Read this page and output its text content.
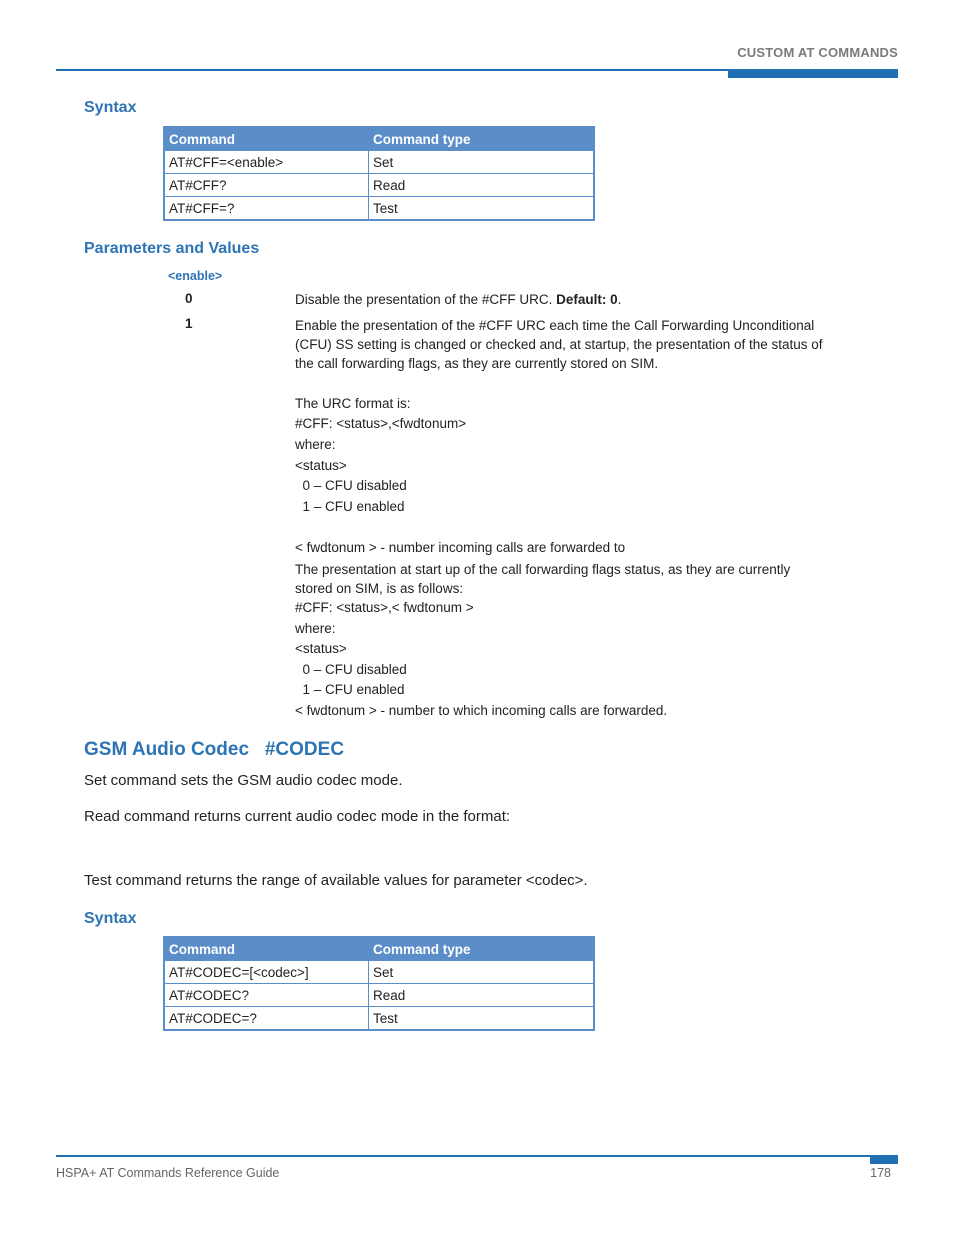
CUSTOM AT COMMANDS
Syntax
Command	Command type
AT#CFF=<enable>	Set
AT#CFF?	Read
AT#CFF=?	Test
Parameters and Values
<enable>
0	Disable the presentation of the #CFF URC. Default: 0.
1	Enable the presentation of the #CFF URC each time the Call Forwarding Unconditional (CFU) SS setting is changed or checked and, at startup, the presentation of the status of the call forwarding flags, as they are currently stored on SIM.
The URC format is:
#CFF: <status>,<fwdtonum>
where:
<status>
0 – CFU disabled
1 – CFU enabled
< fwdtonum > - number incoming calls are forwarded to
The presentation at start up of the call forwarding flags status, as they are currently stored on SIM, is as follows:
#CFF: <status>,< fwdtonum >
where:
<status>
0 – CFU disabled
1 – CFU enabled
< fwdtonum > - number to which incoming calls are forwarded.
GSM Audio Codec   #CODEC
Set command sets the GSM audio codec mode.
Read command returns current audio codec mode in the format:
Test command returns the range of available values for parameter <codec>.
Syntax
Command	Command type
AT#CODEC=[<codec>]	Set
AT#CODEC?	Read
AT#CODEC=?	Test
HSPA+ AT Commands Reference Guide	178
